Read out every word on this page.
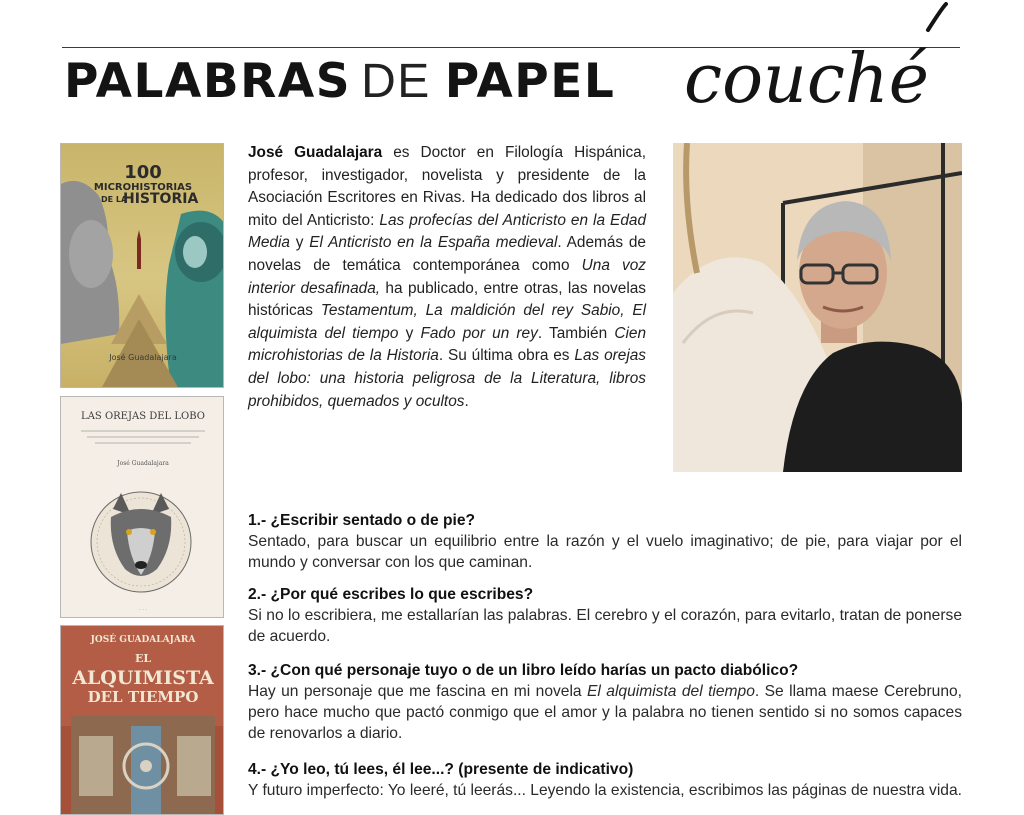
PALABRAS DE PAPEL couché
100
MICROHISTORIAS
DE LA
HISTORIA
José Guadalajara
LAS OREJAS DEL LOBO
José Guadalajara
· · ·
JOSÉ GUADALAJARA
EL
ALQUIMISTA
DEL TIEMPO
José Guadalajara es Doctor en Filología Hispánica, profesor, investigador, novelista y presidente de la Asociación Escritores en Rivas. Ha dedicado dos libros al mito del Anticristo: Las profecías del Anticristo en la Edad Media y El Anticristo en la España medieval. Además de novelas de temática contemporánea como Una voz interior desafinada, ha publicado, entre otras, las novelas históricas Testamentum, La maldición del rey Sabio, El alquimista del tiempo y Fado por un rey. También Cien microhistorias de la Historia. Su última obra es Las orejas del lobo: una historia peligrosa de la Literatura, libros prohibidos, quemados y ocultos.
1.- ¿Escribir sentado o de pie?
Sentado, para buscar un equilibrio entre la razón y el vuelo imaginativo; de pie, para viajar por el mundo y conversar con los que caminan.
2.- ¿Por qué escribes lo que escribes?
Si no lo escribiera, me estallarían las palabras. El cerebro y el corazón, para evitarlo, tratan de ponerse de acuerdo.
3.- ¿Con qué personaje tuyo o de un libro leído harías un pacto diabólico?
Hay un personaje que me fascina en mi novela El alquimista del tiempo. Se llama maese Cerebruno, pero hace mucho que pactó conmigo que el amor y la palabra no tienen sentido si no somos capaces de renovarlos a diario.
4.- ¿Yo leo, tú lees, él lee...? (presente de indicativo)
Y futuro imperfecto: Yo leeré, tú leerás... Leyendo la existencia, escribimos las páginas de nuestra vida.
